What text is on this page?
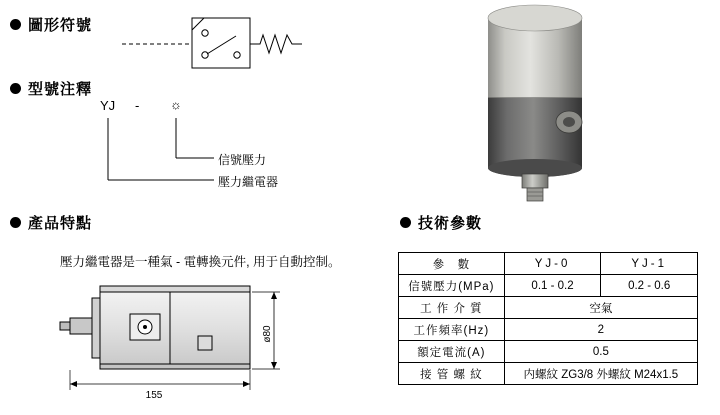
圖形符號
型號注釋
YJ - ☼
信號壓力
壓力繼電器
產品特點
壓力繼電器是一種氣 - 電轉換元件, 用于自動控制。
155
ø80
技術參數
參　數	YJ-0	YJ-1
信號壓力(MPa)	0.1 - 0.2	0.2 - 0.6
工 作 介 質	空氣	
工作頻率(Hz)	2	
額定電流(A)	0.5	
接 管 螺 紋	内螺紋 ZG3/8 外螺紋 M24x1.5	
